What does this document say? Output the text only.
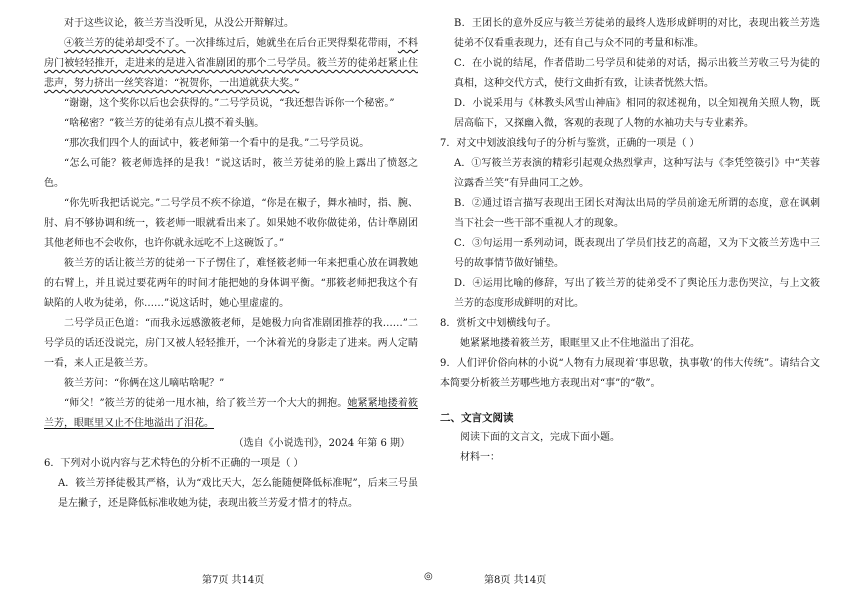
对于这些议论，筱兰芳当没听见，从没公开辩解过。

④筱兰芳的徒弟却受不了。一次排练过后，她就坐在后台正哭得梨花带雨，不料房门被轻轻推开，走进来的是进入省准剧团的那个二号学员。筱兰芳的徒弟赶紧止住悲声，努力挤出一丝笑容道：“祝贺你，一出道就获大奖。”

“谢谢，这个奖你以后也会获得的。”二号学员说，“我还想告诉你一个秘密。”

“啥秘密？”筱兰芳的徒弟有点儿摸不着头脑。

“那次我们四个人的面试中，筱老师第一个看中的是我。”二号学员说。

“怎么可能？筱老师选择的是我！”说这话时，筱兰芳徒弟的脸上露出了愤怒之色。

“你先听我把话说完。”二号学员不疾不徐道，“你是在椒子，舞水袖时，指、腕、肘、肩不够协调和统一，筱老师一眼就看出来了。如果她不收你做徒弟，估计準剧团其他老师也不会收你，也许你就永远吃不上这碗饭了。”

筱兰芳的话让筱兰芳的徒弟一下子愣住了，难怪筱老师一年来把重心放在调教她的右臂上，并且说过要花两年的时间才能把她的身体调平衡。“那筱老师把我这个有缺陷的人收为徒弟，你……”说这话时，她心里虚虚的。

二号学员正色道：“而我永远感激筱老师，是她极力向省准剧团推荐的我……”二号学员的话还没说完，房门又被人轻轻推开，一个沐着光的身影走了进来。两人定睛一看，来人正是筱兰芳。

筱兰芳问：“你俩在这儿嘀咕啥呢？”

“师父！”筱兰芳的徒弟一甩水袖，给了筱兰芳一个大大的拥抱。她紧紧地搂着筱兰芳，眼眶里又止不住地溢出了泪花。

（选自《小说选刊》，2024 年第 6 期）

6．下列对小说内容与艺术特色的分析不正确的一项是（ ）

A．筱兰芳择徒极其严格，认为“戏比天大，怎么能随便降低标准呢”，后来三号虽是左撇子，还是降低标准收她为徒，表现出筱兰芳爱才惜才的特点。

B．王团长的意外反应与筱兰芳徒弟的最终人选形成鲜明的对比，表现出筱兰芳选徒弟不仅看重表现力，还有自己与众不同的考量和标准。

C．在小说的结尾，作者借助二号学员和徒弟的对话，揭示出筱兰芳收三号为徒的真相，这种交代方式，使行文曲折有致，让读者恍然大悟。

D．小说采用与《林教头风雪山神庙》相同的叙述视角，以全知视角关照人物，既居高临下，又探幽入微，客观的表现了人物的水袖功夫与专业素养。

7．对文中划波浪线句子的分析与鉴赏，正确的一项是（ ）

A．①写筱兰芳表演的精彩引起观众热烈掌声，这种写法与《李凭箜篌引》中“芙蓉泣露香兰笑”有异曲同工之妙。

B．②通过语言描写表现出王团长对淘汰出局的学员前途无所谓的态度，意在讽刺当下社会一些干部不重视人才的现象。

C．③句运用一系列动词，既表现出了学员们技艺的高超，又为下文筱兰芳选中三号的故事情节做好铺垫。

D．④运用比喻的修辞，写出了筱兰芳的徒弟受不了舆论压力悲伤哭泣，与上文筱兰芳的态度形成鲜明的对比。

8．赏析文中划横线句子。

她紧紧地搂着筱兰芳，眼眶里又止不住地溢出了泪花。

9．人们评价俗向林的小说“人物有力展现着‘事思敬，执事敬’的伟大传统”。请结合文本简要分析筱兰芳哪些地方表现出对“事”的“敬”。

二、文言文阅读

阅读下面的文言文，完成下面小题。

材料一：

第7页 共14页	◎	第8页 共14页
